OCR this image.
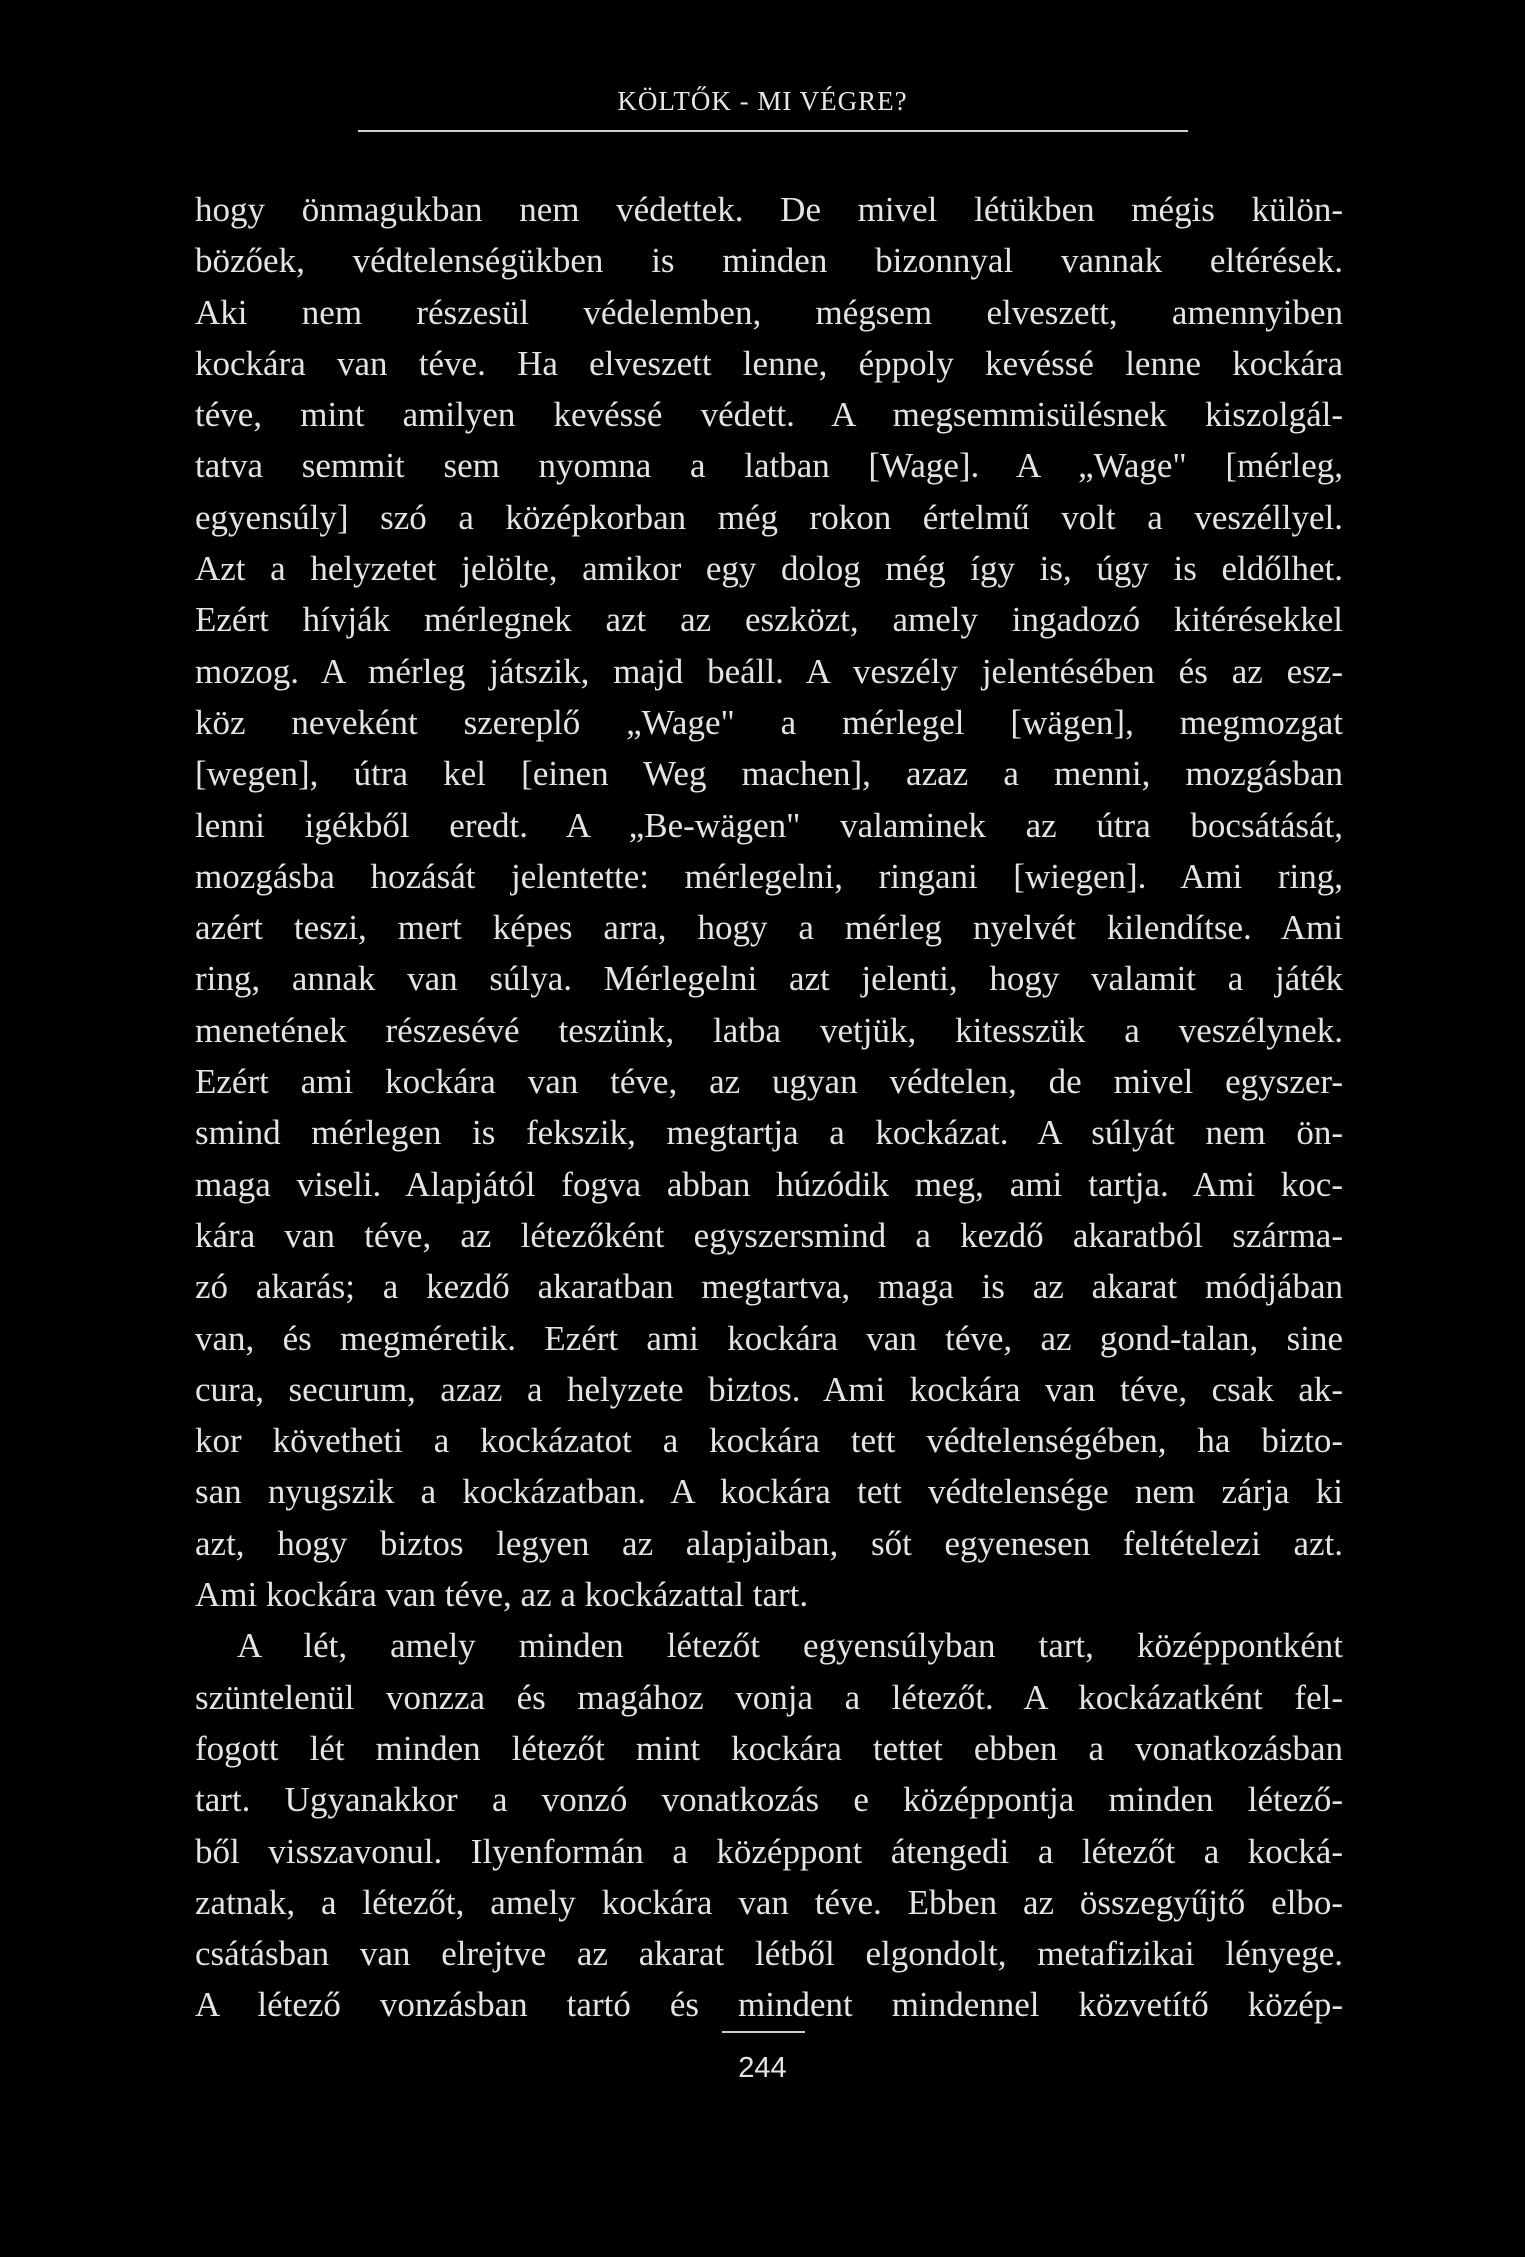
KÖLTŐK - MI VÉGRE?
hogy önmagukban nem védettek. De mivel létükben mégis külön-
bözőek, védtelenségükben is minden bizonnyal vannak eltérések.
Aki nem részesül védelemben, mégsem elveszett, amennyiben
kockára van téve. Ha elveszett lenne, éppoly kevéssé lenne kockára
téve, mint amilyen kevéssé védett. A megsemmisülésnek kiszolgál-
tatva semmit sem nyomna a latban [Wage]. A „Wage" [mérleg,
egyensúly] szó a középkorban még rokon értelmű volt a veszéllyel.
Azt a helyzetet jelölte, amikor egy dolog még így is, úgy is eldőlhet.
Ezért hívják mérlegnek azt az eszközt, amely ingadozó kitérésekkel
mozog. A mérleg játszik, majd beáll. A veszély jelentésében és az esz-
köz neveként szereplő „Wage" a mérlegel [wägen], megmozgat
[wegen], útra kel [einen Weg machen], azaz a menni, mozgásban
lenni igékből eredt. A „Be-wägen" valaminek az útra bocsátását,
mozgásba hozását jelentette: mérlegelni, ringani [wiegen]. Ami ring,
azért teszi, mert képes arra, hogy a mérleg nyelvét kilendítse. Ami
ring, annak van súlya. Mérlegelni azt jelenti, hogy valamit a játék
menetének részesévé teszünk, latba vetjük, kitesszük a veszélynek.
Ezért ami kockára van téve, az ugyan védtelen, de mivel egyszer-
smind mérlegen is fekszik, megtartja a kockázat. A súlyát nem ön-
maga viseli. Alapjától fogva abban húzódik meg, ami tartja. Ami koc-
kára van téve, az létezőként egyszersmind a kezdő akaratból szárma-
zó akarás; a kezdő akaratban megtartva, maga is az akarat módjában
van, és megméretik. Ezért ami kockára van téve, az gond-talan, sine
cura, securum, azaz a helyzete biztos. Ami kockára van téve, csak ak-
kor követheti a kockázatot a kockára tett védtelenségében, ha bizto-
san nyugszik a kockázatban. A kockára tett védtelensége nem zárja ki
azt, hogy biztos legyen az alapjaiban, sőt egyenesen feltételezi azt.
Ami kockára van téve, az a kockázattal tart.
A lét, amely minden létezőt egyensúlyban tart, középpontként
szüntelenül vonzza és magához vonja a létezőt. A kockázatként fel-
fogott lét minden létezőt mint kockára tettet ebben a vonatkozásban
tart. Ugyanakkor a vonzó vonatkozás e középpontja minden létező-
ből visszavonul. Ilyenformán a középpont átengedi a létezőt a kocká-
zatnak, a létezőt, amely kockára van téve. Ebben az összegyűjtő elbo-
csátásban van elrejtve az akarat létből elgondolt, metafizikai lényege.
A létező vonzásban tartó és mindent mindennel közvetítő közép-
244
